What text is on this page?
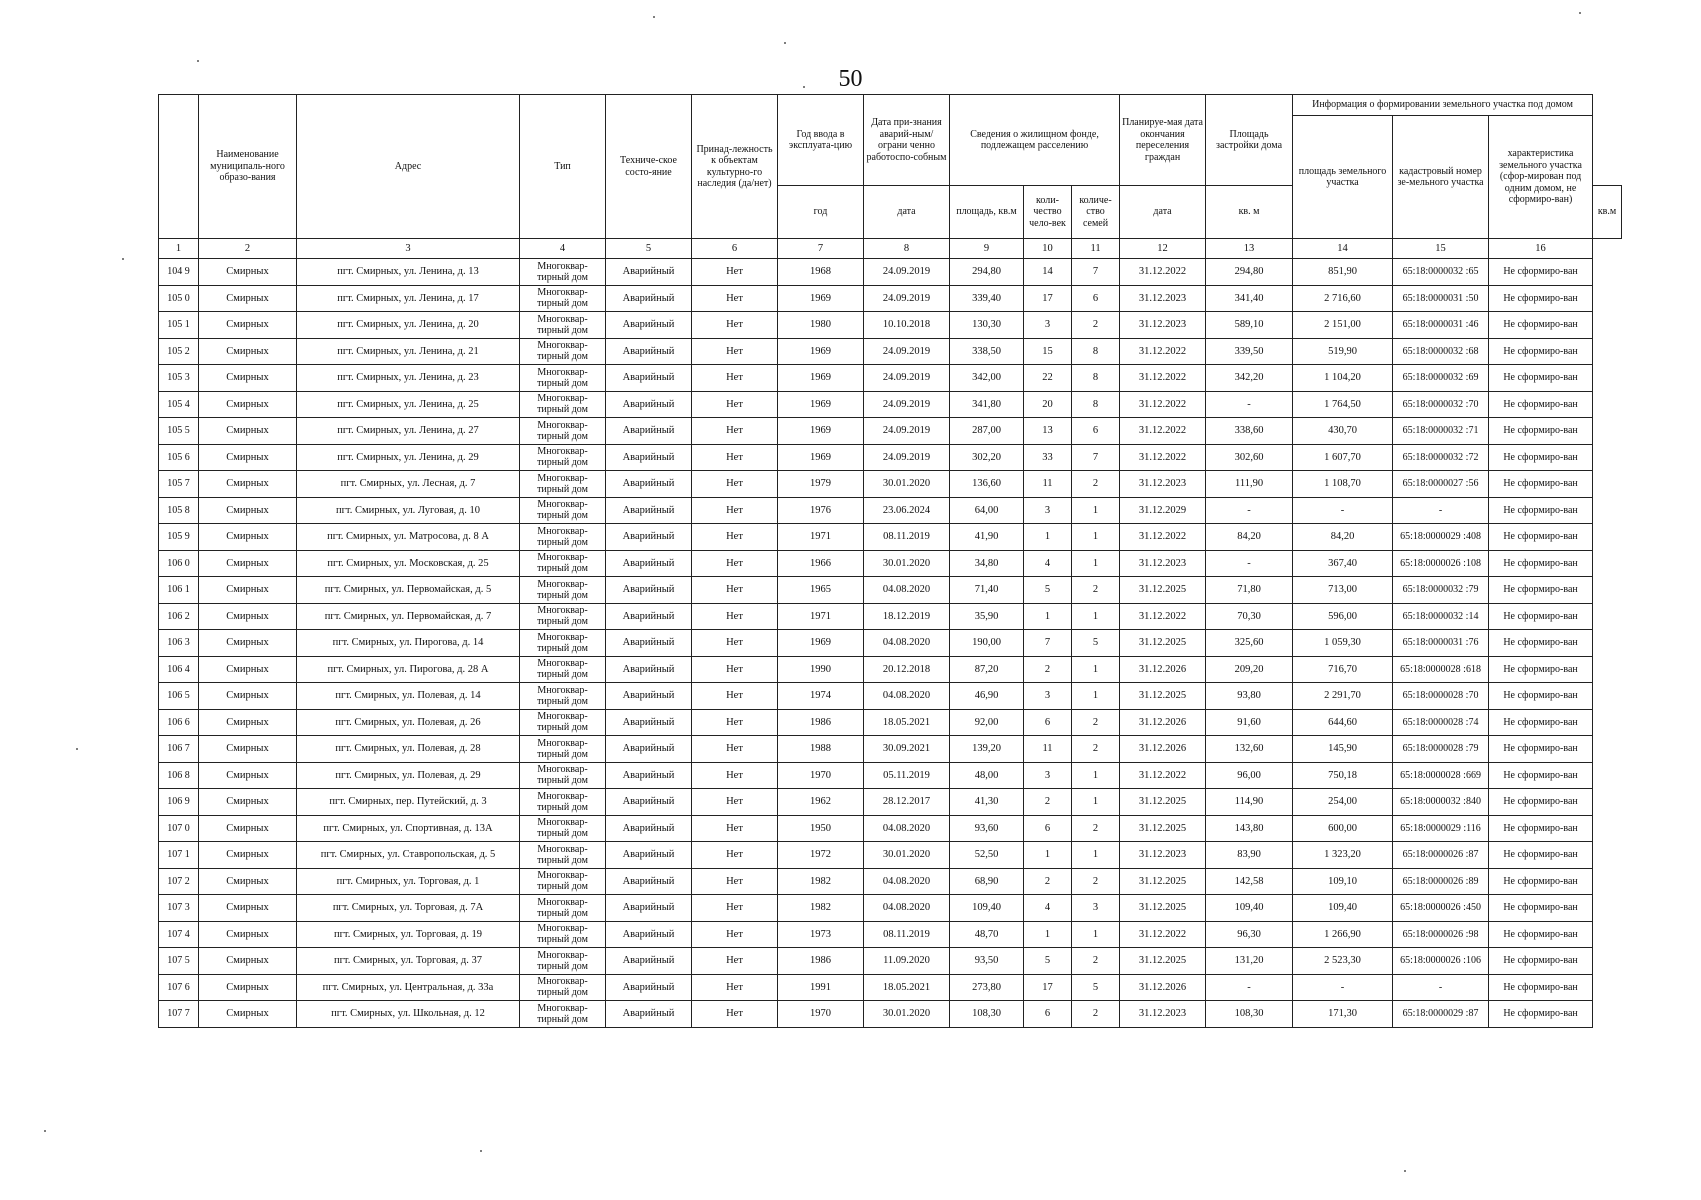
50
	Наименование муниципаль-ного образо-вания	Адрес	Тип	Техниче-ское состо-яние	Принад-лежность к объектам культурно-го наследия (да/нет)	Год ввода в эксплуата-цию	Дата при-знания аварий-ным/ограни ченно работоспо-собным	Сведения о жилищном фонде, подлежащем расселению			Планируе-мая дата окончания переселения граждан	Площадь застройки дома	Информация о формировании земельного участка под домом			
													площадь земельного участка	кадастровый номер зе-мельного участка	характеристика земельного участка (сфор-мирован под одним домом, не сформиро-ван)	
						год	дата	площадь, кв.м	коли-чество чело-век	количе-ство семей	дата	кв. м				кв.м
1	2	3	4	5	6	7	8	9	10	11	12	13	14	15	16	
104 9	Смирных	пгт. Смирных, ул. Ленина, д. 13	Многоквар-тирный дом	Аварийный	Нет	1968	24.09.2019	294,80	14	7	31.12.2022	294,80	851,90	65:18:0000032 :65	Не сформиро-ван	
105 0	Смирных	пгт. Смирных, ул. Ленина, д. 17	Многоквар-тирный дом	Аварийный	Нет	1969	24.09.2019	339,40	17	6	31.12.2023	341,40	2 716,60	65:18:0000031 :50	Не сформиро-ван	
105 1	Смирных	пгт. Смирных, ул. Ленина, д. 20	Многоквар-тирный дом	Аварийный	Нет	1980	10.10.2018	130,30	3	2	31.12.2023	589,10	2 151,00	65:18:0000031 :46	Не сформиро-ван	
105 2	Смирных	пгт. Смирных, ул. Ленина, д. 21	Многоквар-тирный дом	Аварийный	Нет	1969	24.09.2019	338,50	15	8	31.12.2022	339,50	519,90	65:18:0000032 :68	Не сформиро-ван	
105 3	Смирных	пгт. Смирных, ул. Ленина, д. 23	Многоквар-тирный дом	Аварийный	Нет	1969	24.09.2019	342,00	22	8	31.12.2022	342,20	1 104,20	65:18:0000032 :69	Не сформиро-ван	
105 4	Смирных	пгт. Смирных, ул. Ленина, д. 25	Многоквар-тирный дом	Аварийный	Нет	1969	24.09.2019	341,80	20	8	31.12.2022	-	1 764,50	65:18:0000032 :70	Не сформиро-ван	
105 5	Смирных	пгт. Смирных, ул. Ленина, д. 27	Многоквар-тирный дом	Аварийный	Нет	1969	24.09.2019	287,00	13	6	31.12.2022	338,60	430,70	65:18:0000032 :71	Не сформиро-ван	
105 6	Смирных	пгт. Смирных, ул. Ленина, д. 29	Многоквар-тирный дом	Аварийный	Нет	1969	24.09.2019	302,20	33	7	31.12.2022	302,60	1 607,70	65:18:0000032 :72	Не сформиро-ван	
105 7	Смирных	пгт. Смирных, ул. Лесная, д. 7	Многоквар-тирный дом	Аварийный	Нет	1979	30.01.2020	136,60	11	2	31.12.2023	111,90	1 108,70	65:18:0000027 :56	Не сформиро-ван	
105 8	Смирных	пгт. Смирных, ул. Луговая, д. 10	Многоквар-тирный дом	Аварийный	Нет	1976	23.06.2024	64,00	3	1	31.12.2029	-	-	-	Не сформиро-ван	
105 9	Смирных	пгт. Смирных, ул. Матросова, д. 8 А	Многоквар-тирный дом	Аварийный	Нет	1971	08.11.2019	41,90	1	1	31.12.2022	84,20	84,20	65:18:0000029 :408	Не сформиро-ван	
106 0	Смирных	пгт. Смирных, ул. Московская, д. 25	Многоквар-тирный дом	Аварийный	Нет	1966	30.01.2020	34,80	4	1	31.12.2023	-	367,40	65:18:0000026 :108	Не сформиро-ван	
106 1	Смирных	пгт. Смирных, ул. Первомайская, д. 5	Многоквар-тирный дом	Аварийный	Нет	1965	04.08.2020	71,40	5	2	31.12.2025	71,80	713,00	65:18:0000032 :79	Не сформиро-ван	
106 2	Смирных	пгт. Смирных, ул. Первомайская, д. 7	Многоквар-тирный дом	Аварийный	Нет	1971	18.12.2019	35,90	1	1	31.12.2022	70,30	596,00	65:18:0000032 :14	Не сформиро-ван	
106 3	Смирных	пгт. Смирных, ул. Пирогова, д. 14	Многоквар-тирный дом	Аварийный	Нет	1969	04.08.2020	190,00	7	5	31.12.2025	325,60	1 059,30	65:18:0000031 :76	Не сформиро-ван	
106 4	Смирных	пгт. Смирных, ул. Пирогова, д. 28 А	Многоквар-тирный дом	Аварийный	Нет	1990	20.12.2018	87,20	2	1	31.12.2026	209,20	716,70	65:18:0000028 :618	Не сформиро-ван	
106 5	Смирных	пгт. Смирных, ул. Полевая, д. 14	Многоквар-тирный дом	Аварийный	Нет	1974	04.08.2020	46,90	3	1	31.12.2025	93,80	2 291,70	65:18:0000028 :70	Не сформиро-ван	
106 6	Смирных	пгт. Смирных, ул. Полевая, д. 26	Многоквар-тирный дом	Аварийный	Нет	1986	18.05.2021	92,00	6	2	31.12.2026	91,60	644,60	65:18:0000028 :74	Не сформиро-ван	
106 7	Смирных	пгт. Смирных, ул. Полевая, д. 28	Многоквар-тирный дом	Аварийный	Нет	1988	30.09.2021	139,20	11	2	31.12.2026	132,60	145,90	65:18:0000028 :79	Не сформиро-ван	
106 8	Смирных	пгт. Смирных, ул. Полевая, д. 29	Многоквар-тирный дом	Аварийный	Нет	1970	05.11.2019	48,00	3	1	31.12.2022	96,00	750,18	65:18:0000028 :669	Не сформиро-ван	
106 9	Смирных	пгт. Смирных, пер. Путейский, д. 3	Многоквар-тирный дом	Аварийный	Нет	1962	28.12.2017	41,30	2	1	31.12.2025	114,90	254,00	65:18:0000032 :840	Не сформиро-ван	
107 0	Смирных	пгт. Смирных, ул. Спортивная, д. 13А	Многоквар-тирный дом	Аварийный	Нет	1950	04.08.2020	93,60	6	2	31.12.2025	143,80	600,00	65:18:0000029 :116	Не сформиро-ван	
107 1	Смирных	пгт. Смирных, ул. Ставропольская, д. 5	Многоквар-тирный дом	Аварийный	Нет	1972	30.01.2020	52,50	1	1	31.12.2023	83,90	1 323,20	65:18:0000026 :87	Не сформиро-ван	
107 2	Смирных	пгт. Смирных, ул. Торговая, д. 1	Многоквар-тирный дом	Аварийный	Нет	1982	04.08.2020	68,90	2	2	31.12.2025	142,58	109,10	65:18:0000026 :89	Не сформиро-ван	
107 3	Смирных	пгт. Смирных, ул. Торговая, д. 7А	Многоквар-тирный дом	Аварийный	Нет	1982	04.08.2020	109,40	4	3	31.12.2025	109,40	109,40	65:18:0000026 :450	Не сформиро-ван	
107 4	Смирных	пгт. Смирных, ул. Торговая, д. 19	Многоквар-тирный дом	Аварийный	Нет	1973	08.11.2019	48,70	1	1	31.12.2022	96,30	1 266,90	65:18:0000026 :98	Не сформиро-ван	
107 5	Смирных	пгт. Смирных, ул. Торговая, д. 37	Многоквар-тирный дом	Аварийный	Нет	1986	11.09.2020	93,50	5	2	31.12.2025	131,20	2 523,30	65:18:0000026 :106	Не сформиро-ван	
107 6	Смирных	пгт. Смирных, ул. Центральная, д. 33а	Многоквар-тирный дом	Аварийный	Нет	1991	18.05.2021	273,80	17	5	31.12.2026	-	-	-	Не сформиро-ван	
107 7	Смирных	пгт. Смирных, ул. Школьная, д. 12	Многоквар-тирный дом	Аварийный	Нет	1970	30.01.2020	108,30	6	2	31.12.2023	108,30	171,30	65:18:0000029 :87	Не сформиро-ван	
